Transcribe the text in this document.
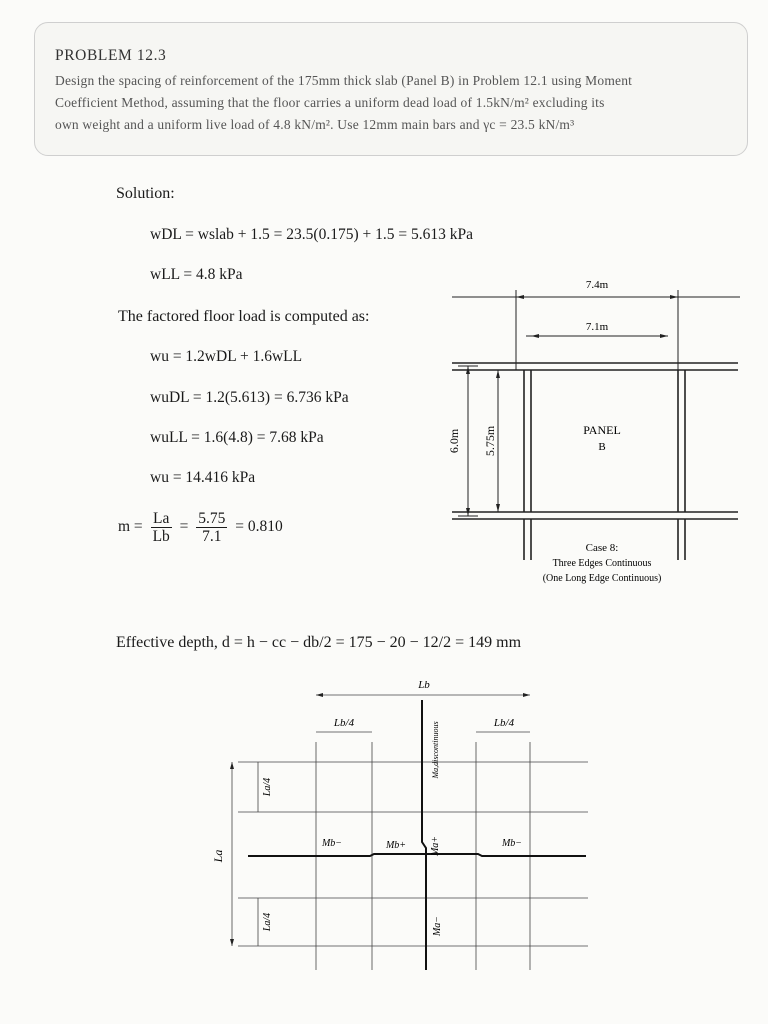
PROBLEM 12.3
Design the spacing of reinforcement of the 175mm thick slab (Panel B) in Problem 12.1 using Moment
Coefficient Method, assuming that the floor carries a uniform dead load of 1.5kN/m² excluding its
own weight and a uniform live load of 4.8 kN/m². Use 12mm main bars and γc = 23.5 kN/m³
Solution:
wDL = wslab + 1.5 = 23.5(0.175) + 1.5 = 5.613 kPa
wLL = 4.8 kPa
The factored floor load is computed as:
wu = 1.2wDL + 1.6wLL
wuDL = 1.2(5.613) = 6.736 kPa
wuLL = 1.6(4.8) = 7.68 kPa
wu = 14.416 kPa
$m = \frac{La}{Lb} = \frac{5.75}{7.1} = 0.810$
Effective depth, d = h − cc − db/2 = 175 − 20 − 12/2 = 149 mm
7.4m
7.1m
6.0m 5.75m	PANEL
B
Case 8:
Three Edges Continuous
(One Long Edge Continuous)
Lb
Lb/4	Lb/4
La
La/4
La/4
Ma,discontinuous
Mb−	Mb+ Ma+	Mb−
Ma−
